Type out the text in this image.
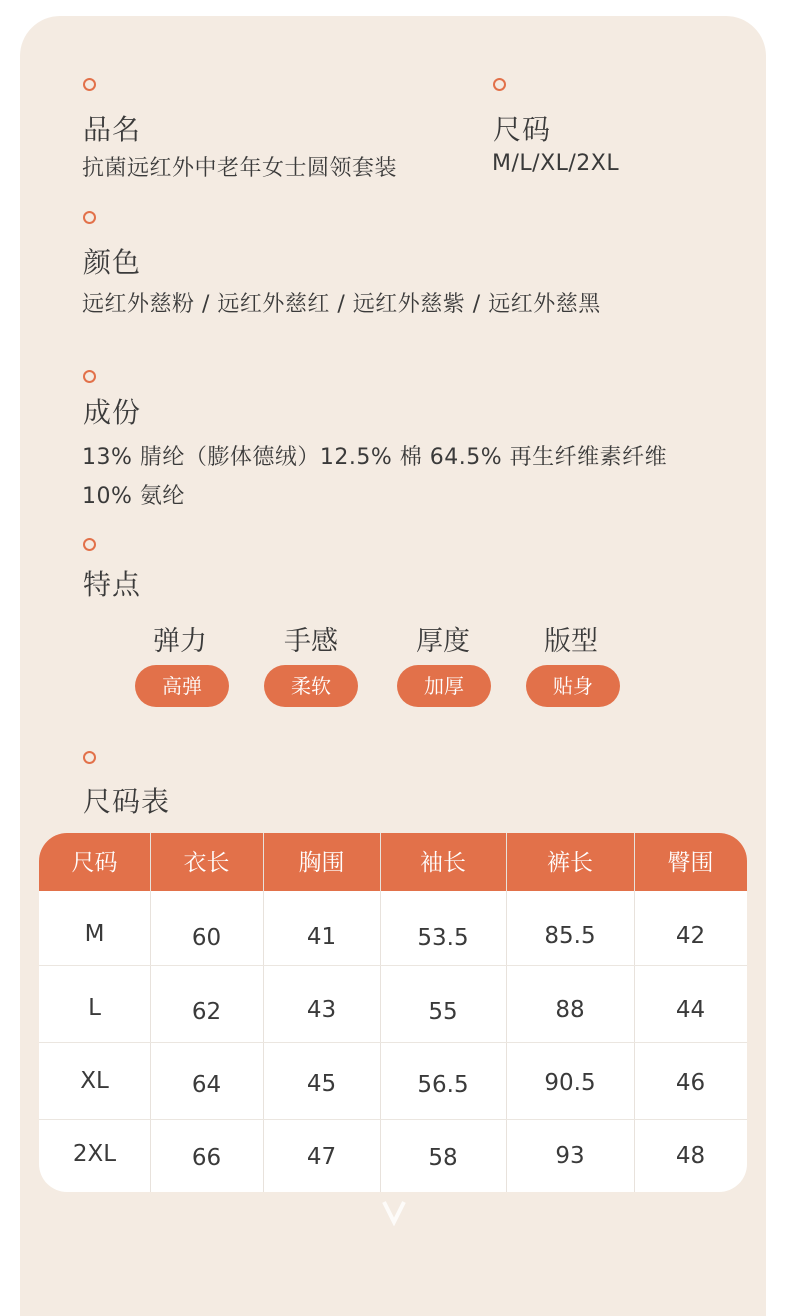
品名
抗菌远红外中老年女士圆领套装
尺码
M/L/XL/2XL
颜色
远红外慈粉 / 远红外慈红 / 远红外慈紫 / 远红外慈黑
成份
13% 腈纶（膨体德绒）12.5% 棉 64.5% 再生纤维素纤维
10% 氨纶
特点
弹力
高弹
手感
柔软
厚度
加厚
版型
贴身
尺码表
尺码	衣长	胸围	袖长	裤长	臀围
M	60	41	53.5	85.5	42
L	62	43	55	88	44
XL	64	45	56.5	90.5	46
2XL	66	47	58	93	48
